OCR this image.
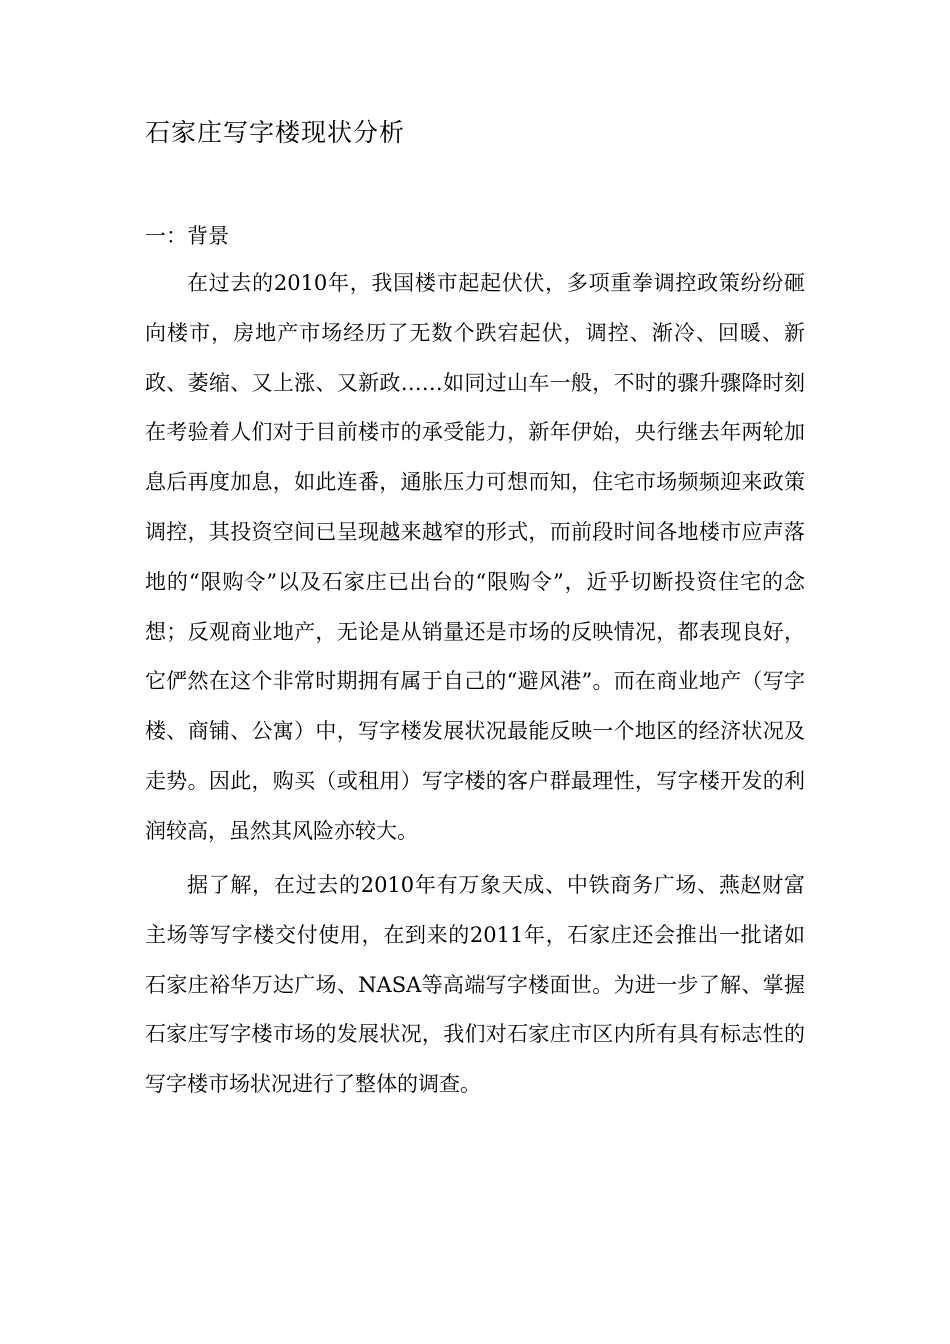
石家庄写字楼现状分析
一：背景

在过去的2010年，我国楼市起起伏伏，多项重拳调控政策纷纷砸向楼市，房地产市场经历了无数个跌宕起伏，调控、渐冷、回暖、新政、萎缩、又上涨、又新政……如同过山车一般，不时的骤升骤降时刻在考验着人们对于目前楼市的承受能力，新年伊始，央行继去年两轮加息后再度加息，如此连番，通胀压力可想而知，住宅市场频频迎来政策调控，其投资空间已呈现越来越窄的形式，而前段时间各地楼市应声落地的“限购令”以及石家庄已出台的“限购令”，近乎切断投资住宅的念想；反观商业地产，无论是从销量还是市场的反映情况，都表现良好，它俨然在这个非常时期拥有属于自己的“避风港”。而在商业地产（写字楼、商铺、公寓）中，写字楼发展状况最能反映一个地区的经济状况及走势。因此，购买（或租用）写字楼的客户群最理性，写字楼开发的利润较高，虽然其风险亦较大。

据了解，在过去的2010年有万象天成、中铁商务广场、燕赵财富主场等写字楼交付使用，在到来的2011年，石家庄还会推出一批诸如石家庄裕华万达广场、NASA等高端写字楼面世。为进一步了解、掌握石家庄写字楼市场的发展状况，我们对石家庄市区内所有具有标志性的写字楼市场状况进行了整体的调查。
